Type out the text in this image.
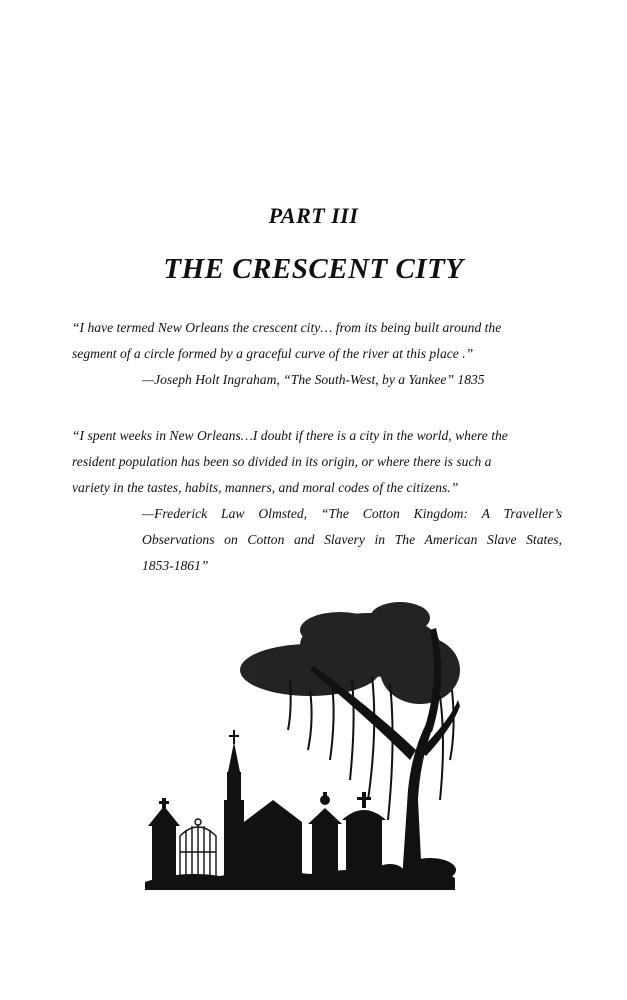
PART III
THE CRESCENT CITY
“I have termed New Orleans the crescent city… from its being built around the
segment of a circle formed by a graceful curve of the river at this place .”
—Joseph Holt Ingraham, “The South-West, by a Yankee” 1835
“I spent weeks in New Orleans…I doubt if there is a city in the world, where the
resident population has been so divided in its origin, or where there is such a
variety in the tastes, habits, manners, and moral codes of the citizens.”
—Frederick Law Olmsted, “The Cotton Kingdom: A Traveller’s
Observations on Cotton and Slavery in The American Slave States,
1853-1861”
